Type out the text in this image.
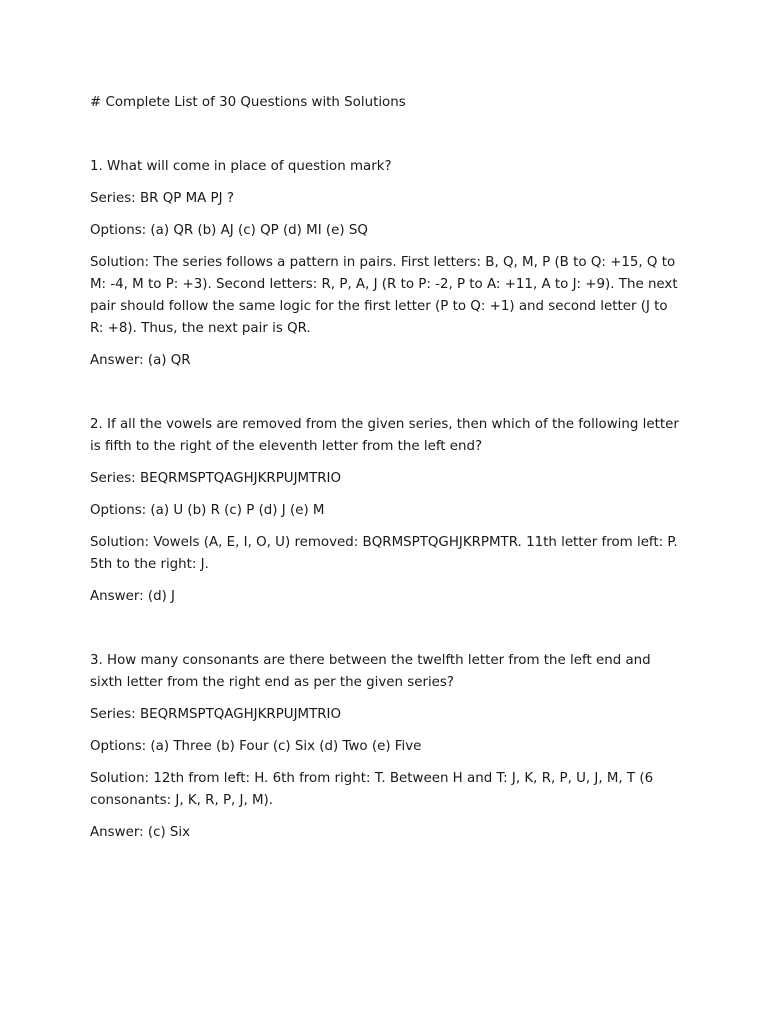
# Complete List of 30 Questions with Solutions

1. What will come in place of question mark?

Series: BR QP MA PJ ?

Options: (a) QR (b) AJ (c) QP (d) MI (e) SQ

Solution: The series follows a pattern in pairs. First letters: B, Q, M, P (B to Q: +15, Q to M: -4, M to P: +3). Second letters: R, P, A, J (R to P: -2, P to A: +11, A to J: +9). The next pair should follow the same logic for the first letter (P to Q: +1) and second letter (J to R: +8). Thus, the next pair is QR.

Answer: (a) QR

2. If all the vowels are removed from the given series, then which of the following letter is fifth to the right of the eleventh letter from the left end?

Series: BEQRMSPTQAGHJKRPUJMTRIO

Options: (a) U (b) R (c) P (d) J (e) M

Solution: Vowels (A, E, I, O, U) removed: BQRMSPTQGHJKRPMTR. 11th letter from left: P. 5th to the right: J.

Answer: (d) J

3. How many consonants are there between the twelfth letter from the left end and sixth letter from the right end as per the given series?

Series: BEQRMSPTQAGHJKRPUJMTRIO

Options: (a) Three (b) Four (c) Six (d) Two (e) Five

Solution: 12th from left: H. 6th from right: T. Between H and T: J, K, R, P, U, J, M, T (6 consonants: J, K, R, P, J, M).

Answer: (c) Six
